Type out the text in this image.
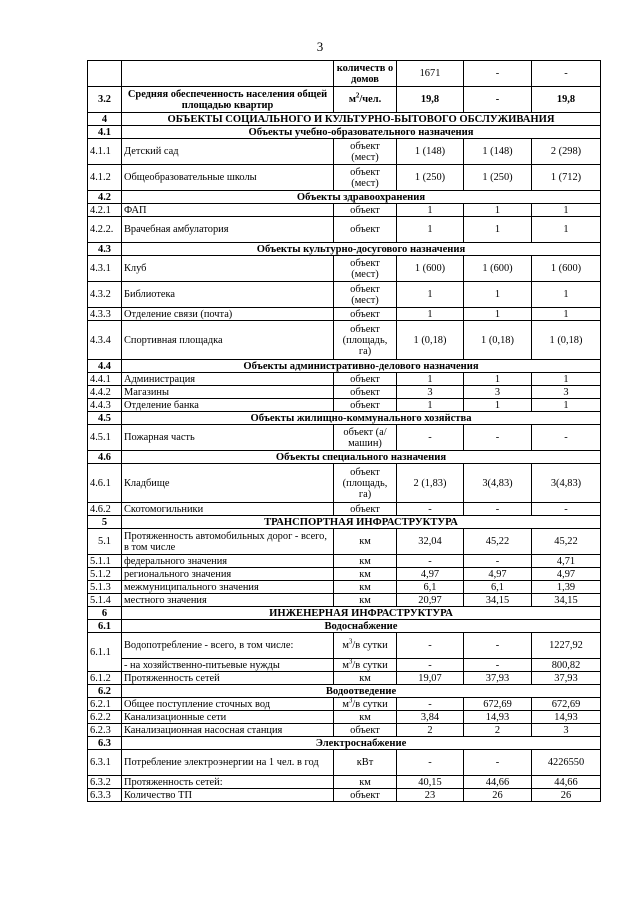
3
		количеств о домов	1671	-	-
3.2	Средняя обеспеченность населения общей площадью квартир	$м^2$/чел.	19,8	-	19,8
4	ОБЪЕКТЫ СОЦИАЛЬНОГО И КУЛЬТУРНО-БЫТОВОГО ОБСЛУЖИВАНИЯ				
4.1	Объекты учебно-образовательного назначения				
4.1.1	Детский сад	объект (мест)	1 (148)	1 (148)	2 (298)
4.1.2	Общеобразовательные школы	объект (мест)	1 (250)	1 (250)	1 (712)
4.2	Объекты здравоохранения				
4.2.1	ФАП	объект	1	1	1
4.2.2.	Врачебная амбулатория	объект	1	1	1
4.3	Объекты культурно-досугового назначения				
4.3.1	Клуб	объект (мест)	1 (600)	1 (600)	1 (600)
4.3.2	Библиотека	объект (мест)	1	1	1
4.3.3	Отделение связи (почта)	объект	1	1	1
4.3.4	Спортивная площадка	объект (площадь, га)	1 (0,18)	1 (0,18)	1 (0,18)
4.4	Объекты административно-делового назначения				
4.4.1	Администрация	объект	1	1	1
4.4.2	Магазины	объект	3	3	3
4.4.3	Отделение банка	объект	1	1	1
4.5	Объекты жилищно-коммунального хозяйства				
4.5.1	Пожарная часть	объект (а/машин)	-	-	-
4.6	Объекты специального назначения				
4.6.1	Кладбище	объект (площадь, га)	2 (1,83)	3(4,83)	3(4,83)
4.6.2	Скотомогильники	объект	-	-	-
5	ТРАНСПОРТНАЯ ИНФРАСТРУКТУРА				
5.1	Протяженность автомобильных дорог - всего, в том числе	км	32,04	45,22	45,22
5.1.1	федерального значения	км	-	-	4,71
5.1.2	регионального значения	км	4,97	4,97	4,97
5.1.3	межмуниципального значения	км	6,1	6,1	1,39
5.1.4	местного значения	км	20,97	34,15	34,15
6	ИНЖЕНЕРНАЯ ИНФРАСТРУКТУРА				
6.1	Водоснабжение				
6.1.1	Водопотребление - всего, в том числе:	$м^3/в$ сутки	-	-	1227,92
	- на хозяйственно-питьевые нужды	$м^3/в$ сутки	-	-	800,82
6.1.2	Протяженность сетей	км	19,07	37,93	37,93
6.2	Водоотведение				
6.2.1	Общее поступление сточных вод	$м^3/в$ сутки	-	672,69	672,69
6.2.2	Канализационные сети	км	3,84	14,93	14,93
6.2.3	Канализационная насосная станция	объект	2	2	3
6.3	Электроснабжение				
6.3.1	Потребление электроэнергии на 1 чел. в год	кВт	-	-	4226550
6.3.2	Протяженность сетей:	км	40,15	44,66	44,66
6.3.3	Количество ТП	объект	23	26	26
